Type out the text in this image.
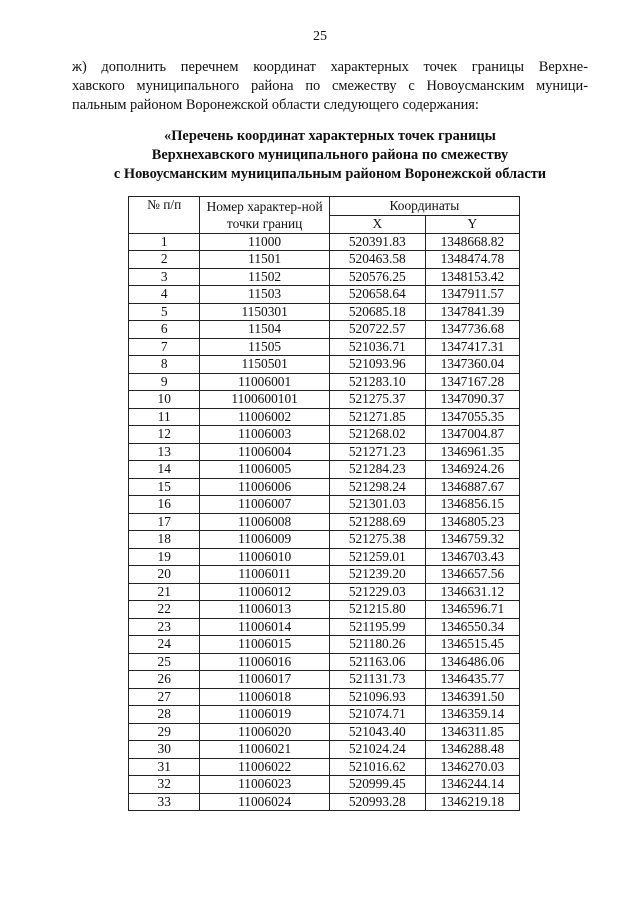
25
ж) дополнить перечнем координат характерных точек границы Верхне-
хавского муниципального района по смежеству с Новоусманским муници-
пальным районом Воронежской области следующего содержания:
«Перечень координат характерных точек границы
Верхнехавского муниципального района по смежеству
с Новоусманским муниципальным районом Воронежской области
№ п/п	Номер характер-ной точки границ	Координаты	
		X	Y
1	11000	520391.83	1348668.82
2	11501	520463.58	1348474.78
3	11502	520576.25	1348153.42
4	11503	520658.64	1347911.57
5	1150301	520685.18	1347841.39
6	11504	520722.57	1347736.68
7	11505	521036.71	1347417.31
8	1150501	521093.96	1347360.04
9	11006001	521283.10	1347167.28
10	1100600101	521275.37	1347090.37
11	11006002	521271.85	1347055.35
12	11006003	521268.02	1347004.87
13	11006004	521271.23	1346961.35
14	11006005	521284.23	1346924.26
15	11006006	521298.24	1346887.67
16	11006007	521301.03	1346856.15
17	11006008	521288.69	1346805.23
18	11006009	521275.38	1346759.32
19	11006010	521259.01	1346703.43
20	11006011	521239.20	1346657.56
21	11006012	521229.03	1346631.12
22	11006013	521215.80	1346596.71
23	11006014	521195.99	1346550.34
24	11006015	521180.26	1346515.45
25	11006016	521163.06	1346486.06
26	11006017	521131.73	1346435.77
27	11006018	521096.93	1346391.50
28	11006019	521074.71	1346359.14
29	11006020	521043.40	1346311.85
30	11006021	521024.24	1346288.48
31	11006022	521016.62	1346270.03
32	11006023	520999.45	1346244.14
33	11006024	520993.28	1346219.18
